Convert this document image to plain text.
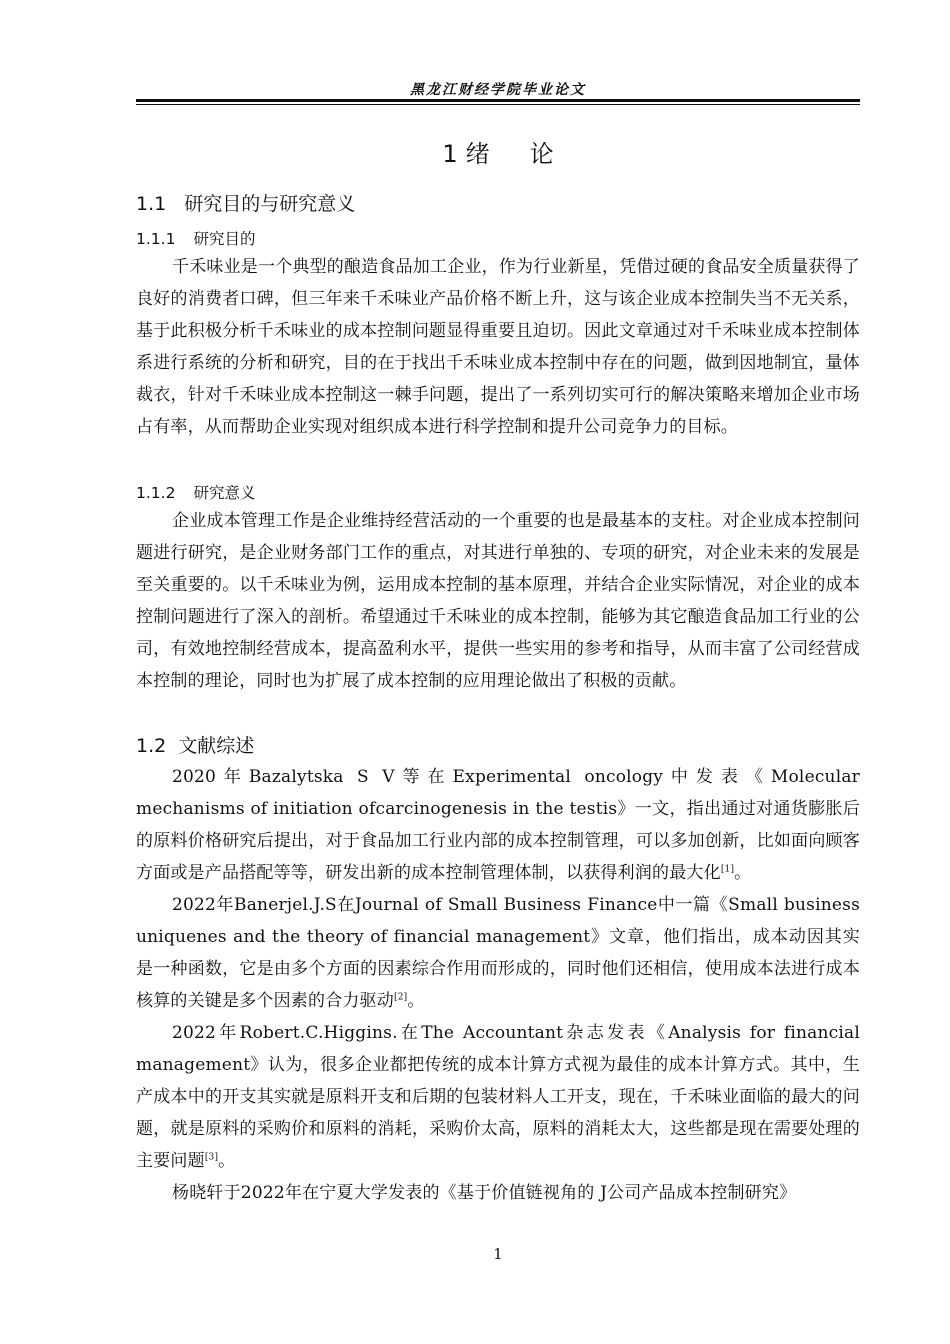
黑龙江财经学院毕业论文
1 绪 论
1.1 研究目的与研究意义
1.1.1 研究目的
千禾味业是一个典型的酿造食品加工企业，作为行业新星，凭借过硬的食品安全质量获得了良好的消费者口碑，但三年来千禾味业产品价格不断上升，这与该企业成本控制失当不无关系，基于此积极分析千禾味业的成本控制问题显得重要且迫切。因此文章通过对千禾味业成本控制体系进行系统的分析和研究，目的在于找出千禾味业成本控制中存在的问题，做到因地制宜，量体裁衣，针对千禾味业成本控制这一棘手问题，提出了一系列切实可行的解决策略来增加企业市场占有率，从而帮助企业实现对组织成本进行科学控制和提升公司竞争力的目标。
1.1.2 研究意义
企业成本管理工作是企业维持经营活动的一个重要的也是最基本的支柱。对企业成本控制问题进行研究，是企业财务部门工作的重点，对其进行单独的、专项的研究，对企业未来的发展是至关重要的。以千禾味业为例，运用成本控制的基本原理，并结合企业实际情况，对企业的成本控制问题进行了深入的剖析。希望通过千禾味业的成本控制，能够为其它酿造食品加工行业的公司，有效地控制经营成本，提高盈利水平，提供一些实用的参考和指导，从而丰富了公司经营成本控制的理论，同时也为扩展了成本控制的应用理论做出了积极的贡献。
1.2 文献综述
2020年Bazalytska S V等在Experimental oncology中发表《Molecular mechanisms of initiation ofcarcinogenesis in the testis》一文，指出通过对通货膨胀后的原料价格研究后提出，对于食品加工行业内部的成本控制管理，可以多加创新，比如面向顾客方面或是产品搭配等等，研发出新的成本控制管理体制，以获得利润的最大化[1]。
2022年Banerjel.J.S在Journal of Small Business Finance中一篇《Small business uniquenes and the theory of financial management》文章，他们指出，成本动因其实是一种函数，它是由多个方面的因素综合作用而形成的，同时他们还相信，使用成本法进行成本核算的关键是多个因素的合力驱动[2]。
2022年Robert.C.Higgins.在The Accountant杂志发表《Analysis for financial management》认为，很多企业都把传统的成本计算方式视为最佳的成本计算方式。其中，生产成本中的开支其实就是原料开支和后期的包装材料人工开支，现在，千禾味业面临的最大的问题，就是原料的采购价和原料的消耗，采购价太高，原料的消耗太大，这些都是现在需要处理的主要问题[3]。
杨晓轩于2022年在宁夏大学发表的《基于价值链视角的 J公司产品成本控制研究》
1
